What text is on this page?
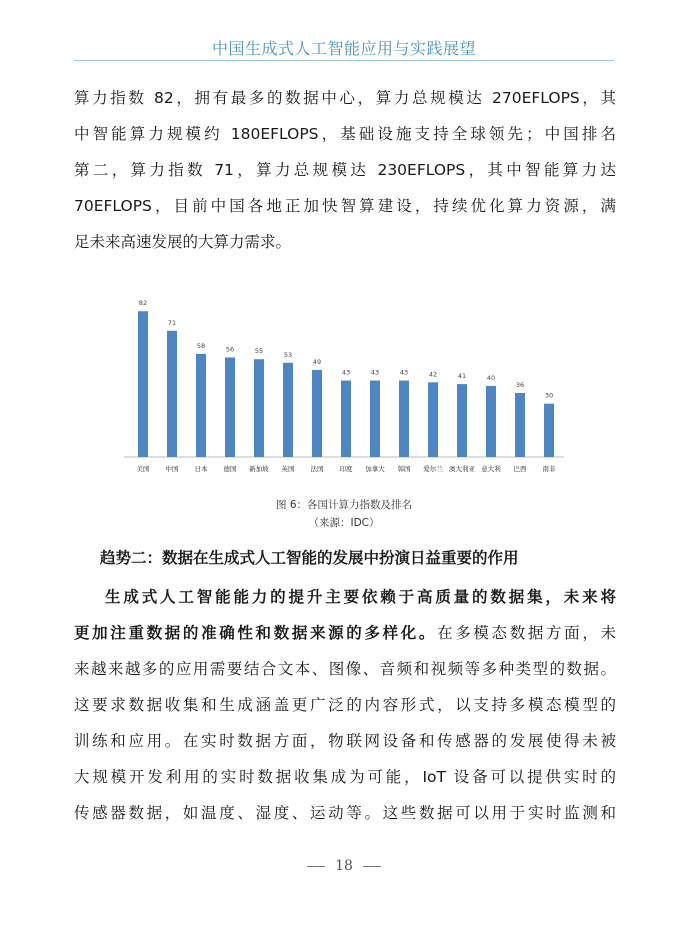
中国生成式人工智能应用与实践展望
算力指数 82，拥有最多的数据中心，算力总规模达 270EFLOPS，其
中智能算力规模约 180EFLOPS，基础设施支持全球领先；中国排名
第二，算力指数 71，算力总规模达 230EFLOPS，其中智能算力达
70EFLOPS，目前中国各地正加快智算建设，持续优化算力资源，满
足未来高速发展的大算力需求。
82
美国
71
中国
58
日本
56
德国
55
新加坡
53
英国
49
法国
43
印度
43
加拿大
43
韩国
42
爱尔兰
41
澳大利亚
40
意大利
36
巴西
30
南非
图 6：各国计算力指数及排名
（来源：IDC）
趋势二：数据在生成式人工智能的发展中扮演日益重要的作用
生成式人工智能能力的提升主要依赖于高质量的数据集，未来将
更加注重数据的准确性和数据来源的多样化。在多模态数据方面，未
来越来越多的应用需要结合文本、图像、音频和视频等多种类型的数据。
这要求数据收集和生成涵盖更广泛的内容形式，以支持多模态模型的
训练和应用。在实时数据方面，物联网设备和传感器的发展使得未被
大规模开发利用的实时数据收集成为可能，IoT 设备可以提供实时的
传感器数据，如温度、湿度、运动等。这些数据可以用于实时监测和
18
